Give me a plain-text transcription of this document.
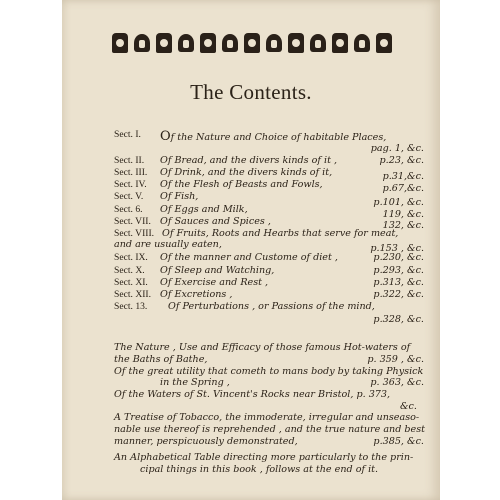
The Contents.
Sect. I. Of the Nature and Choice of habitable Places,
pag. 1, &c.
Sect. II. Of Bread, and the divers kinds of it ,	p.23, &c.
Sect. III. Of Drink, and the divers kinds of it,	p.31,&c.
Sect. IV. Of the Flesh of Beasts and Fowls,	p.67,&c.
Sect. V. Of Fish,
p.101, &c.
Sect. 6. Of Eggs and Milk,	119, &c.
Sect. VII. Of Sauces and Spices ,	132, &c.
Sect. VIII. Of Fruits, Roots and Hearbs that serve for meat,
and are usually eaten,	p.153 , &c.
Sect. IX. Of the manner and Custome of diet ,	p.230, &c.
Sect. X. Of Sleep and Watching,	p.293, &c.
Sect. XI. Of Exercise and Rest ,	p.313, &c.
Sect. XII. Of Excretions ,	p.322, &c.
Sect. 13. Of Perturbations , or Passions of the mind,
p.328, &c.
The Nature , Use and Efficacy of those famous Hot-waters of
the Baths of Bathe,	p. 359 , &c.
Of the great utility that cometh to mans body by taking Physick
in the Spring ,	p. 363, &c.
Of the Waters of St. Vincent's Rocks near Bristol, p. 373,
&c.
A Treatise of Tobacco, the immoderate, irregular and unseaso-
nable use thereof is reprehended , and the true nature and best
manner, perspicuously demonstrated,	p.385, &c.
An Alphabetical Table directing more particularly to the prin-
cipal things in this book , follows at the end of it.
